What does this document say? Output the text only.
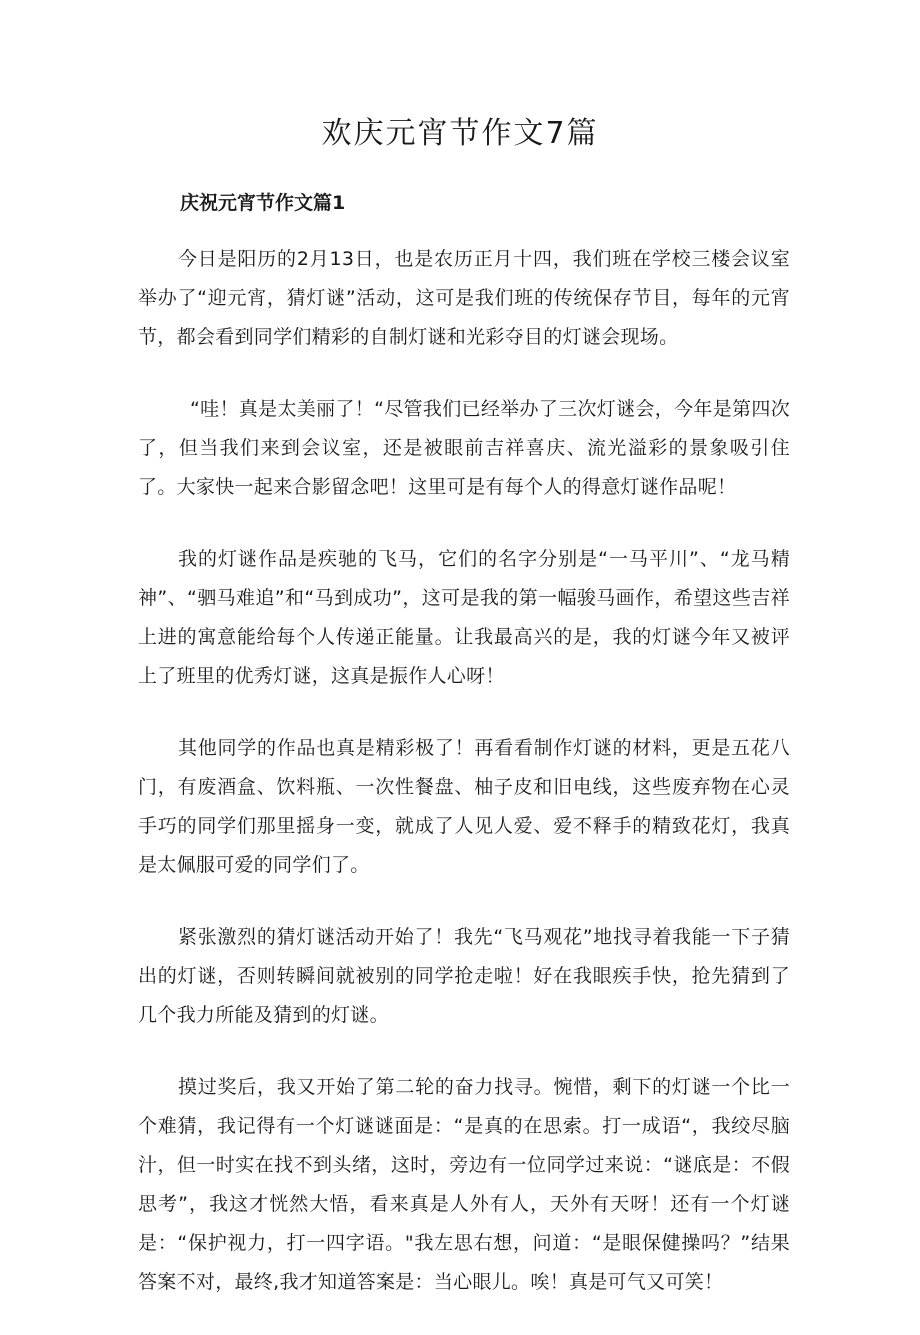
欢庆元宵节作文7篇
庆祝元宵节作文篇1

今日是阳历的2月13日，也是农历正月十四，我们班在学校三楼会议室举办了“迎元宵，猜灯谜”活动，这可是我们班的传统保存节目，每年的元宵节，都会看到同学们精彩的自制灯谜和光彩夺目的灯谜会现场。

“哇！真是太美丽了！“尽管我们已经举办了三次灯谜会，今年是第四次了，但当我们来到会议室，还是被眼前吉祥喜庆、流光溢彩的景象吸引住了。大家快一起来合影留念吧！这里可是有每个人的得意灯谜作品呢！

我的灯谜作品是疾驰的飞马，它们的名字分别是“一马平川”、“龙马精神”、“驷马难追”和“马到成功”，这可是我的第一幅骏马画作，希望这些吉祥上进的寓意能给每个人传递正能量。让我最高兴的是，我的灯谜今年又被评上了班里的优秀灯谜，这真是振作人心呀！

其他同学的作品也真是精彩极了！再看看制作灯谜的材料，更是五花八门，有废酒盒、饮料瓶、一次性餐盘、柚子皮和旧电线，这些废弃物在心灵手巧的同学们那里摇身一变，就成了人见人爱、爱不释手的精致花灯，我真是太佩服可爱的同学们了。

紧张激烈的猜灯谜活动开始了！我先“飞马观花”地找寻着我能一下子猜出的灯谜，否则转瞬间就被别的同学抢走啦！好在我眼疾手快，抢先猜到了几个我力所能及猜到的灯谜。

摸过奖后，我又开始了第二轮的奋力找寻。惋惜，剩下的灯谜一个比一个难猜，我记得有一个灯谜谜面是：“是真的在思索。打一成语“，我绞尽脑汁，但一时实在找不到头绪，这时，旁边有一位同学过来说：“谜底是：不假思考”，我这才恍然大悟，看来真是人外有人，天外有天呀！还有一个灯谜是：“保护视力，打一四字语。"我左思右想，问道：“是眼保健操吗？”结果答案不对，最终,我才知道答案是：当心眼儿。唉！真是可气又可笑！
